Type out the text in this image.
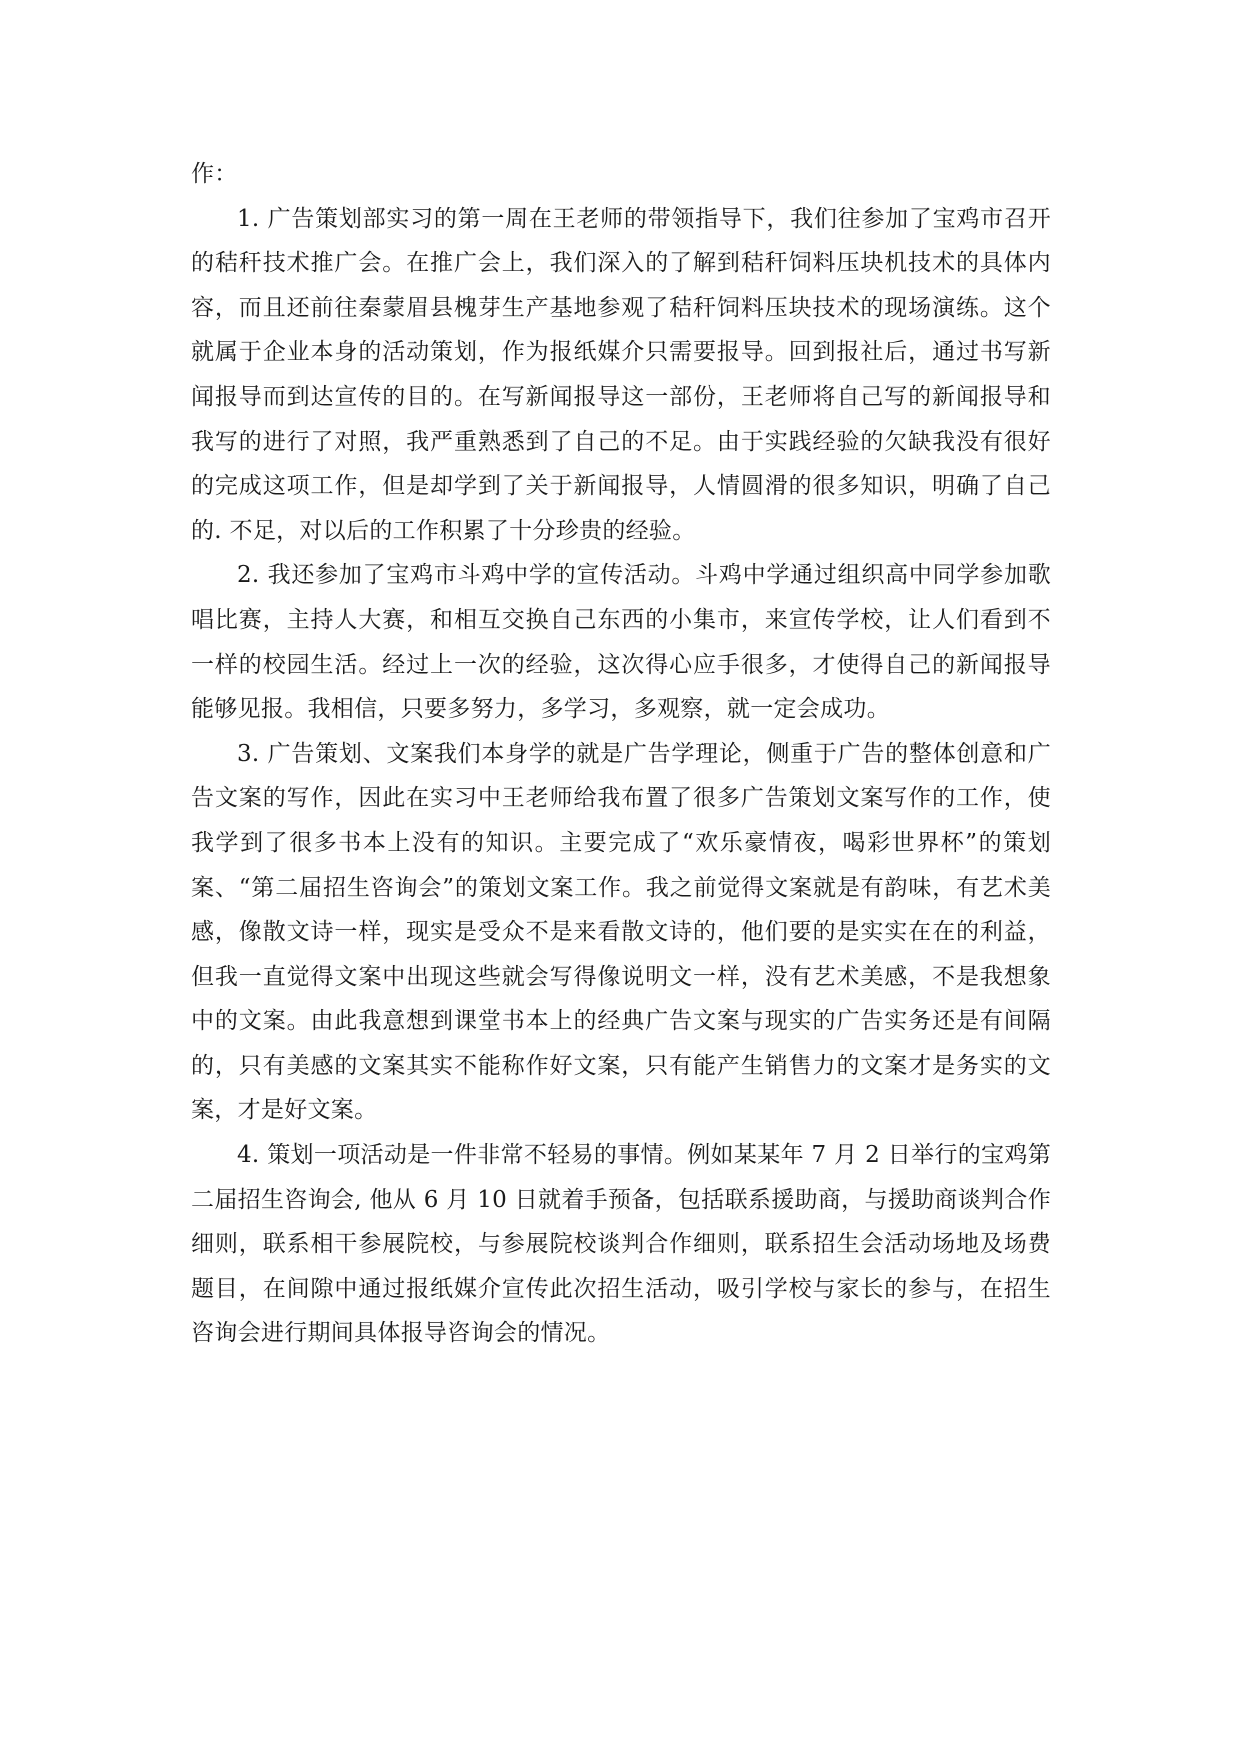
作：

1. 广告策划部实习的第一周在王老师的带领指导下，我们往参加了宝鸡市召开的秸秆技术推广会。在推广会上，我们深入的了解到秸秆饲料压块机技术的具体内容，而且还前往秦蒙眉县槐芽生产基地参观了秸秆饲料压块技术的现场演练。这个就属于企业本身的活动策划，作为报纸媒介只需要报导。回到报社后，通过书写新闻报导而到达宣传的目的。在写新闻报导这一部份，王老师将自己写的新闻报导和我写的进行了对照，我严重熟悉到了自己的不足。由于实践经验的欠缺我没有很好的完成这项工作，但是却学到了关于新闻报导，人情圆滑的很多知识，明确了自己的. 不足，对以后的工作积累了十分珍贵的经验。

2. 我还参加了宝鸡市斗鸡中学的宣传活动。斗鸡中学通过组织高中同学参加歌唱比赛，主持人大赛，和相互交换自己东西的小集市，来宣传学校，让人们看到不一样的校园生活。经过上一次的经验，这次得心应手很多，才使得自己的新闻报导能够见报。我相信，只要多努力，多学习，多观察，就一定会成功。

3. 广告策划、文案我们本身学的就是广告学理论，侧重于广告的整体创意和广告文案的写作，因此在实习中王老师给我布置了很多广告策划文案写作的工作，使我学到了很多书本上没有的知识。主要完成了“欢乐豪情夜，喝彩世界杯”的策划案、“第二届招生咨询会”的策划文案工作。我之前觉得文案就是有韵味，有艺术美感，像散文诗一样，现实是受众不是来看散文诗的，他们要的是实实在在的利益，但我一直觉得文案中出现这些就会写得像说明文一样，没有艺术美感，不是我想象中的文案。由此我意想到课堂书本上的经典广告文案与现实的广告实务还是有间隔的，只有美感的文案其实不能称作好文案，只有能产生销售力的文案才是务实的文案，才是好文案。

4. 策划一项活动是一件非常不轻易的事情。例如某某年 7 月 2 日举行的宝鸡第二届招生咨询会, 他从 6 月 10 日就着手预备，包括联系援助商，与援助商谈判合作细则，联系相干参展院校，与参展院校谈判合作细则，联系招生会活动场地及场费题目，在间隙中通过报纸媒介宣传此次招生活动，吸引学校与家长的参与，在招生咨询会进行期间具体报导咨询会的情况。
